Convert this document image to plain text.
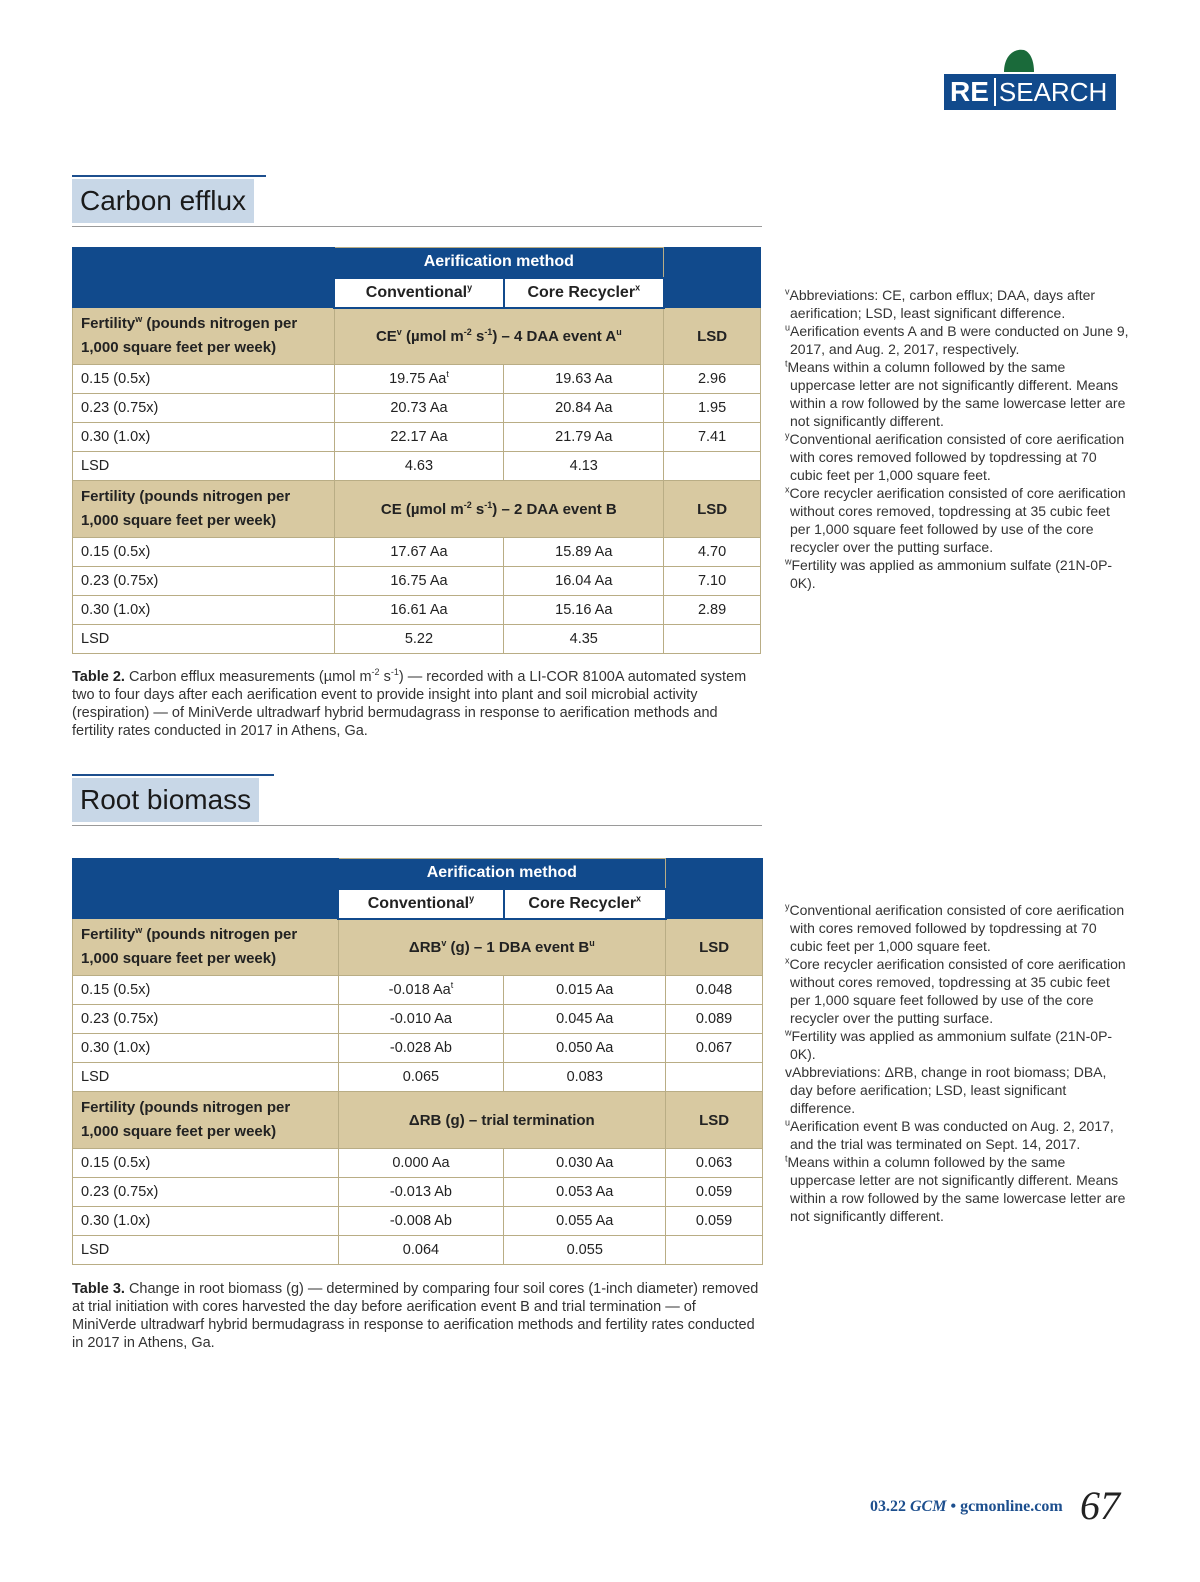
RE SEARCH
Carbon efflux
	Aerification method		
	Conventional$^y$	Core Recycler$^x$	
Fertility$^w$ (pounds nitrogen per 1,000 square feet per week)	$CE^v$ (µmol $m^{-2}$ $s^{-1}) - 4$ DAA event $A^u$		LSD
0.15 (0.5x)	19.75 Aa$^t$	19.63 Aa	2.96
0.23 (0.75x)	20.73 Aa	20.84 Aa	1.95
0.30 (1.0x)	22.17 Aa	21.79 Aa	7.41
LSD	4.63	4.13	
Fertility (pounds nitrogen per 1,000 square feet per week)	CE (µmol $m^{-2}$ $s^{-1}) - 2$ DAA event B		LSD
0.15 (0.5x)	17.67 Aa	15.89 Aa	4.70
0.23 (0.75x)	16.75 Aa	16.04 Aa	7.10
0.30 (1.0x)	16.61 Aa	15.16 Aa	2.89
LSD	5.22	4.35	

$^v$Abbreviations: CE, carbon efflux; DAA, days after aerification; LSD, least significant difference.

$^u$Aerification events A and B were conducted on June 9, 2017, and Aug. 2, 2017, respectively.

$^t$Means within a column followed by the same uppercase letter are not significantly different. Means within a row followed by the same lowercase letter are not significantly different.

$^y$Conventional aerification consisted of core aerification with cores removed followed by topdressing at 70 cubic feet per 1,000 square feet.

$^x$Core recycler aerification consisted of core aerification without cores removed, topdressing at 35 cubic feet per 1,000 square feet followed by use of the core recycler over the putting surface.

$^w$Fertility was applied as ammonium sulfate (21N-0P-0K).

Table 2. Carbon efflux measurements (µmol $m^{-2}$ $s^{-1}$) — recorded with a LI-COR 8100A automated system two to four days after each aerification event to provide insight into plant and soil microbial activity (respiration) — of MiniVerde ultradwarf hybrid bermudagrass in response to aerification methods and fertility rates conducted in 2017 in Athens, Ga.
Root biomass
	Aerification method		
	Conventional$^y$	Core Recycler$^x$	
Fertility$^w$ (pounds nitrogen per 1,000 square feet per week)	ΔRB$^v$ (g) – 1 DBA event $B^u$		LSD
0.15 (0.5x)	-0.018 Aa$^t$	0.015 Aa	0.048
0.23 (0.75x)	-0.010 Aa	0.045 Aa	0.089
0.30 (1.0x)	-0.028 Ab	0.050 Aa	0.067
LSD	0.065	0.083	
Fertility (pounds nitrogen per 1,000 square feet per week)	ΔRB (g) – trial termination		LSD
0.15 (0.5x)	0.000 Aa	0.030 Aa	0.063
0.23 (0.75x)	-0.013 Ab	0.053 Aa	0.059
0.30 (1.0x)	-0.008 Ab	0.055 Aa	0.059
LSD	0.064	0.055	

$^y$Conventional aerification consisted of core aerification with cores removed followed by topdressing at 70 cubic feet per 1,000 square feet.

$^x$Core recycler aerification consisted of core aerification without cores removed, topdressing at 35 cubic feet per 1,000 square feet followed by use of the core recycler over the putting surface.

$^w$Fertility was applied as ammonium sulfate (21N-0P-0K).

vAbbreviations: ΔRB, change in root biomass; DBA, day before aerification; LSD, least significant difference.

$^u$Aerification event B was conducted on Aug. 2, 2017, and the trial was terminated on Sept. 14, 2017.

$^t$Means within a column followed by the same uppercase letter are not significantly different. Means within a row followed by the same lowercase letter are not significantly different.

Table 3. Change in root biomass (g) — determined by comparing four soil cores (1-inch diameter) removed at trial initiation with cores harvested the day before aerification event B and trial termination — of MiniVerde ultradwarf hybrid bermudagrass in response to aerification methods and fertility rates conducted in 2017 in Athens, Ga.
03.22 GCM • gcmonline.com 67
